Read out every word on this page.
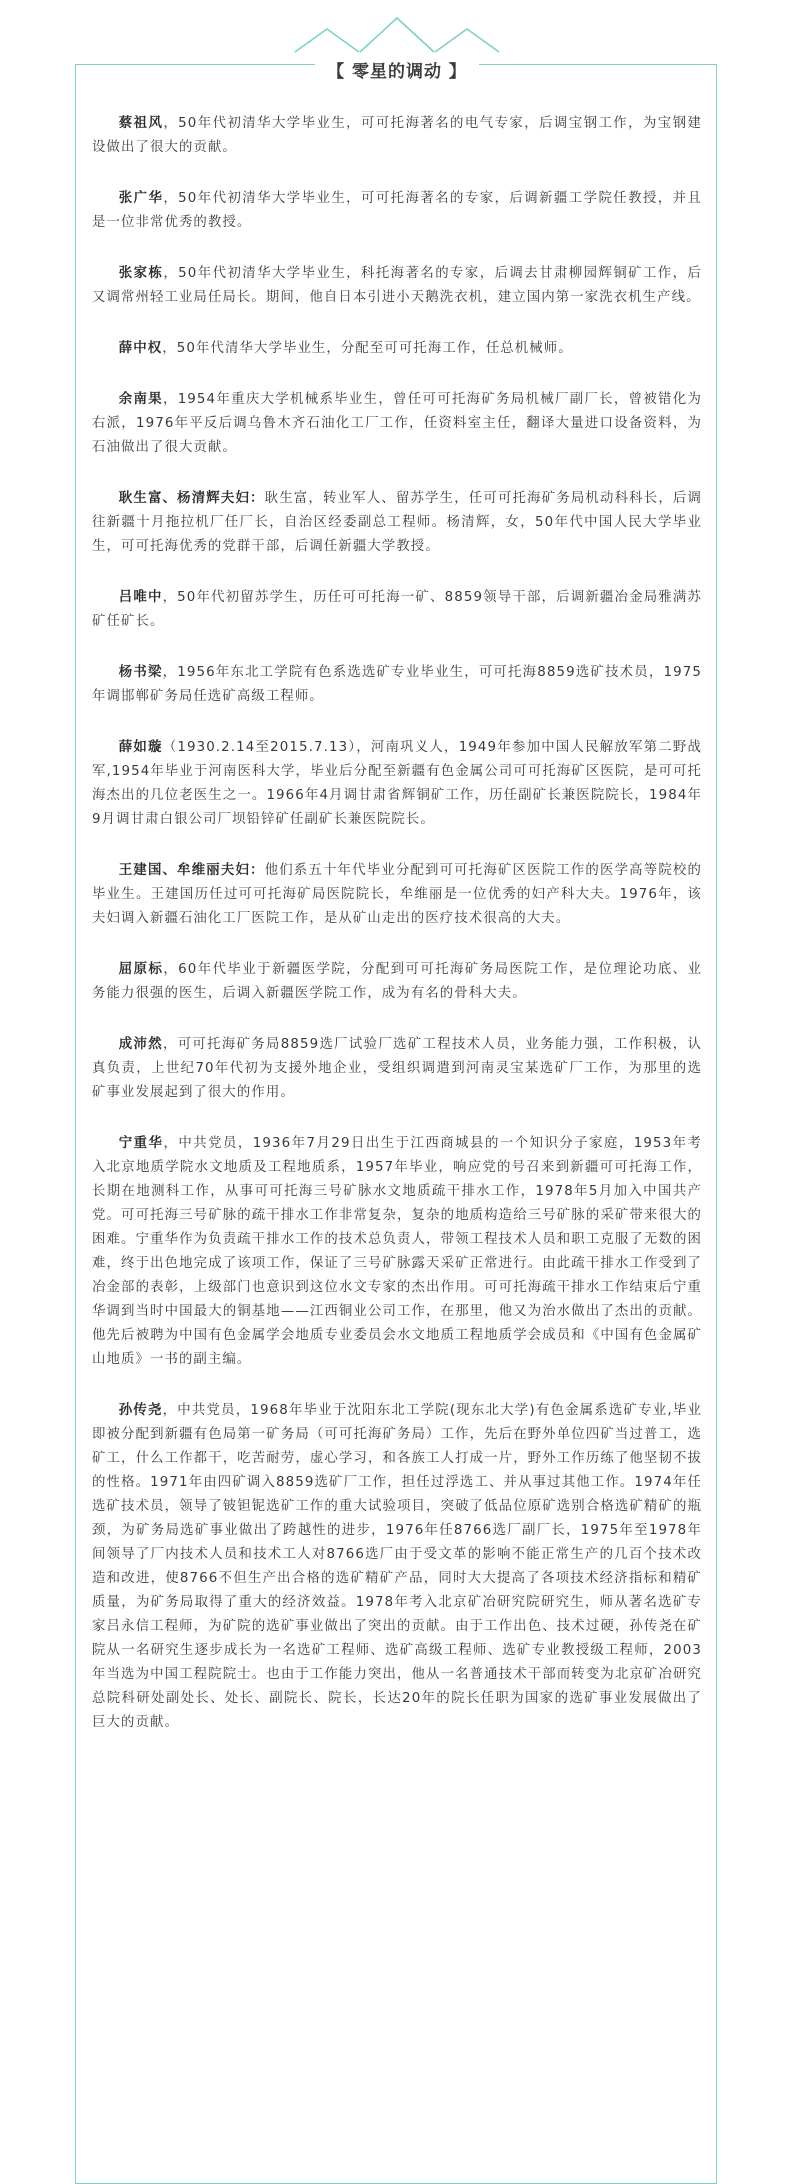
【 零星的调动 】

蔡祖风，50年代初清华大学毕业生，可可托海著名的电气专家，后调宝钢工作，为宝钢建设做出了很大的贡献。

张广华，50年代初清华大学毕业生，可可托海著名的专家，后调新疆工学院任教授，并且是一位非常优秀的教授。

张家栋，50年代初清华大学毕业生，科托海著名的专家，后调去甘肃柳园辉铜矿工作，后又调常州轻工业局任局长。期间，他自日本引进小天鹅洗衣机，建立国内第一家洗衣机生产线。

薛中权，50年代清华大学毕业生，分配至可可托海工作，任总机械师。

余南果，1954年重庆大学机械系毕业生，曾任可可托海矿务局机械厂副厂长，曾被错化为右派，1976年平反后调乌鲁木齐石油化工厂工作，任资料室主任，翻译大量进口设备资料，为石油做出了很大贡献。

耿生富、杨清辉夫妇：耿生富，转业军人、留苏学生，任可可托海矿务局机动科科长，后调往新疆十月拖拉机厂任厂长，自治区经委副总工程师。杨清辉，女，50年代中国人民大学毕业生，可可托海优秀的党群干部，后调任新疆大学教授。

吕唯中，50年代初留苏学生，历任可可托海一矿、8859领导干部，后调新疆冶金局雅满苏矿任矿长。

杨书梁，1956年东北工学院有色系选选矿专业毕业生，可可托海8859选矿技术员，1975年调邯郸矿务局任选矿高级工程师。

薛如璇（1930.2.14至2015.7.13），河南巩义人，1949年参加中国人民解放军第二野战军,1954年毕业于河南医科大学，毕业后分配至新疆有色金属公司可可托海矿区医院，是可可托海杰出的几位老医生之一。1966年4月调甘肃省辉铜矿工作，历任副矿长兼医院院长，1984年9月调甘肃白银公司厂坝铅锌矿任副矿长兼医院院长。

王建国、牟维丽夫妇：他们系五十年代毕业分配到可可托海矿区医院工作的医学高等院校的毕业生。王建国历任过可可托海矿局医院院长，牟维丽是一位优秀的妇产科大夫。1976年，该夫妇调入新疆石油化工厂医院工作，是从矿山走出的医疗技术很高的大夫。

屈原标，60年代毕业于新疆医学院，分配到可可托海矿务局医院工作，是位理论功底、业务能力很强的医生，后调入新疆医学院工作，成为有名的骨科大夫。

成沛然，可可托海矿务局8859选厂试验厂选矿工程技术人员，业务能力强，工作积极，认真负责，上世纪70年代初为支援外地企业，受组织调遣到河南灵宝某选矿厂工作，为那里的选矿事业发展起到了很大的作用。

宁重华，中共党员，1936年7月29日出生于江西商城县的一个知识分子家庭，1953年考入北京地质学院水文地质及工程地质系，1957年毕业，响应党的号召来到新疆可可托海工作，长期在地测科工作，从事可可托海三号矿脉水文地质疏干排水工作，1978年5月加入中国共产党。可可托海三号矿脉的疏干排水工作非常复杂，复杂的地质构造给三号矿脉的采矿带来很大的困难。宁重华作为负责疏干排水工作的技术总负责人，带领工程技术人员和职工克服了无数的困难，终于出色地完成了该项工作，保证了三号矿脉露天采矿正常进行。由此疏干排水工作受到了冶金部的表彰，上级部门也意识到这位水文专家的杰出作用。可可托海疏干排水工作结束后宁重华调到当时中国最大的铜基地——江西铜业公司工作，在那里，他又为治水做出了杰出的贡献。他先后被聘为中国有色金属学会地质专业委员会水文地质工程地质学会成员和《中国有色金属矿山地质》一书的副主编。

孙传尧，中共党员，1968年毕业于沈阳东北工学院(现东北大学)有色金属系选矿专业,毕业即被分配到新疆有色局第一矿务局（可可托海矿务局）工作，先后在野外单位四矿当过普工，选矿工，什么工作都干，吃苦耐劳，虚心学习，和各族工人打成一片，野外工作历练了他坚韧不拔的性格。1971年由四矿调入8859选矿厂工作，担任过浮选工、并从事过其他工作。1974年任选矿技术员，领导了铍钽铌选矿工作的重大试验项目，突破了低品位原矿选别合格选矿精矿的瓶颈，为矿务局选矿事业做出了跨越性的进步，1976年任8766选厂副厂长，1975年至1978年间领导了厂内技术人员和技术工人对8766选厂由于受文革的影响不能正常生产的几百个技术改造和改进，使8766不但生产出合格的选矿精矿产品，同时大大提高了各项技术经济指标和精矿质量，为矿务局取得了重大的经济效益。1978年考入北京矿冶研究院研究生，师从著名选矿专家吕永信工程师，为矿院的选矿事业做出了突出的贡献。由于工作出色、技术过硬，孙传尧在矿院从一名研究生逐步成长为一名选矿工程师、选矿高级工程师、选矿专业教授级工程师，2003年当选为中国工程院院士。也由于工作能力突出，他从一名普通技术干部而转变为北京矿冶研究总院科研处副处长、处长、副院长、院长，长达20年的院长任职为国家的选矿事业发展做出了巨大的贡献。
